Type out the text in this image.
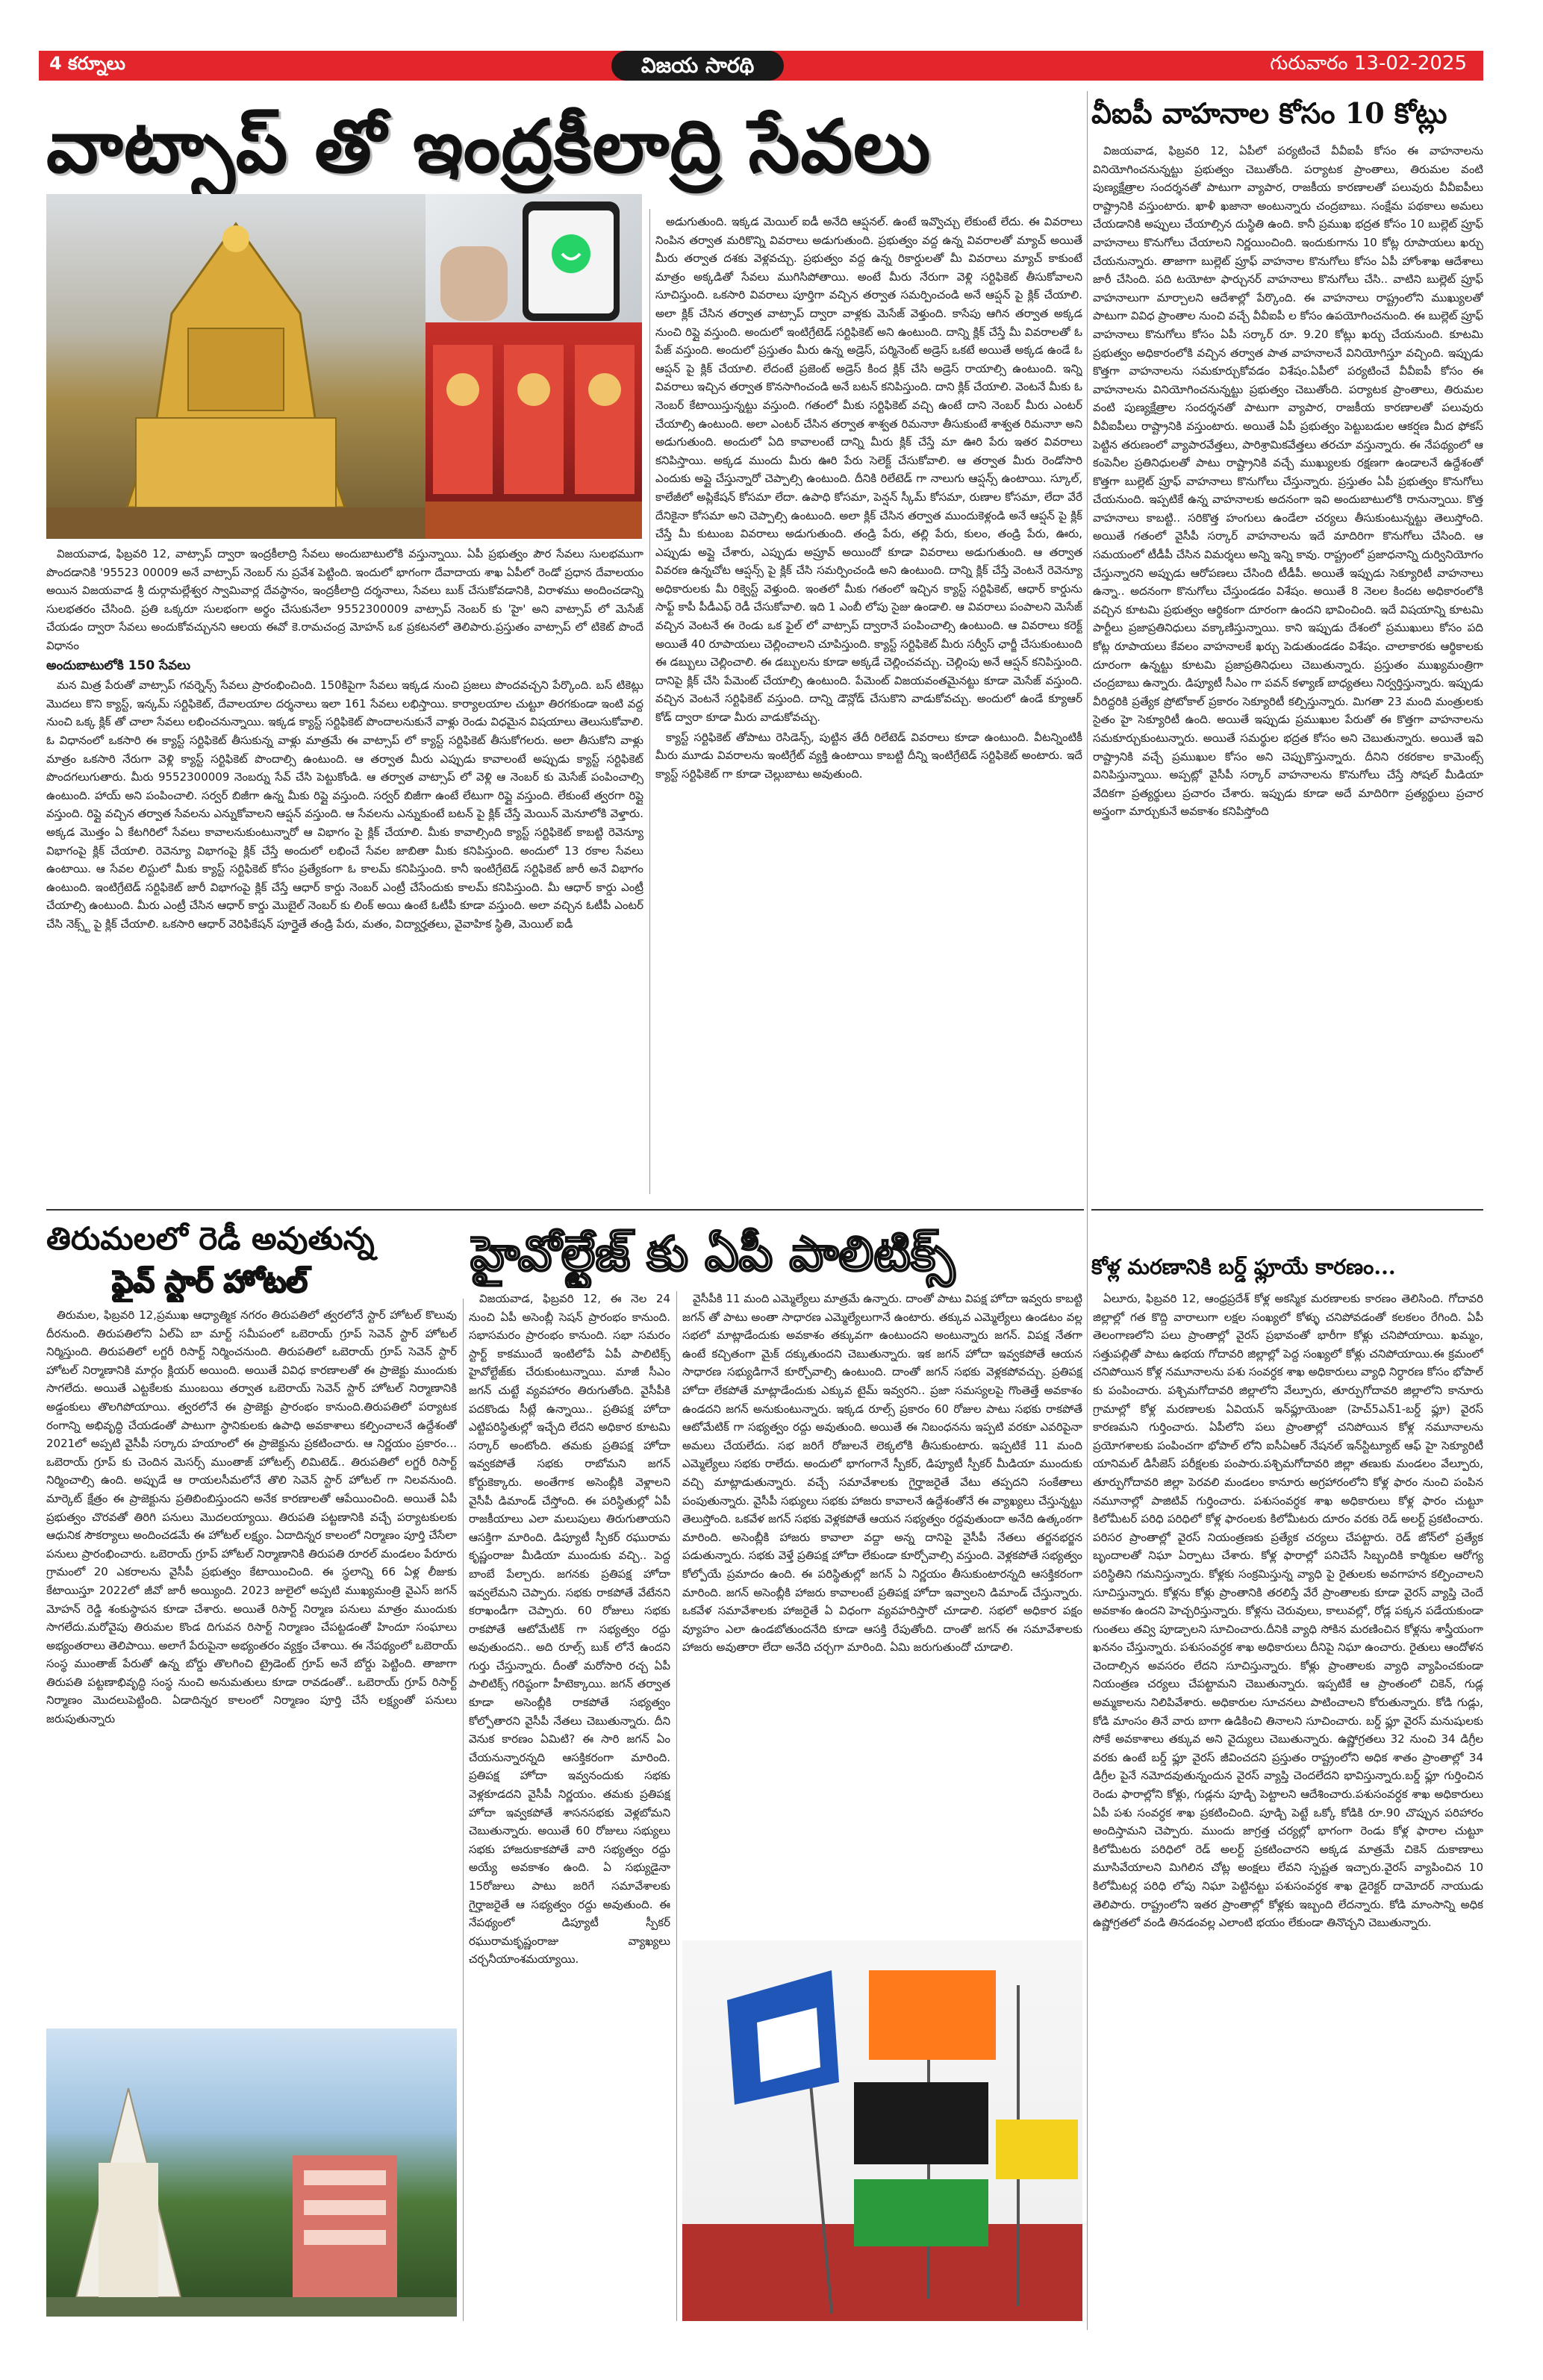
4 కర్నూలు	విజయ సారథి	గురువారం 13-02-2025
వాట్సాప్ తో ఇంద్రకీలాద్రి సేవలు	వీఐపీ వాహనాల కోసం 10 కోట్లు

విజయవాడ, ఫిబ్రవరి 12, వాట్సాప్ ద్వారా ఇంద్రకీలాద్రి సేవలు అందుబాటులోకి వస్తున్నాయి. ఏపీ ప్రభుత్వం పౌర సేవలు సులభముగా పొందడానికి '95523 00009 అనే వాట్సాప్ నెంబర్ ను ప్రవేశ పెట్టింది. ఇందులో భాగంగా దేవాదాయ శాఖ ఏపీలో రెండో ప్రధాన దేవాలయం అయిన విజయవాడ శ్రీ దుర్గామల్లేశ్వర స్వామివార్ల దేవస్థానం, ఇంద్రకీలాద్రి దర్శనాలు, సేవలు బుక్ చేసుకోవడానికి, విరాళము అందించడాన్ని సులభతరం చేసింది. ప్రతి ఒక్కరూ సులభంగా అర్థం చేసుకునేలా 9552300009 వాట్సాప్ నెంబర్ కు 'హై' అని వాట్సాప్ లో మెసేజ్ చేయడం ద్వారా సేవలు అందుకోవచ్చునని ఆలయ ఈవో కె.రామచంద్ర మోహన్ ఒక ప్రకటనలో తెలిపారు.ప్రస్తుతం వాట్సాప్ లో టికెట్ పొందే విధానం

అందుబాటులోకి 150 సేవలు

మన మిత్ర పేరుతో వాట్సాప్ గవర్నెన్స్ సేవలు ప్రారంభించింది. 150కిపైగా సేవలు ఇక్కడ నుంచి ప్రజలు పొందవచ్చని పేర్కొంది. బస్ టికెట్లు మొదలు కొని క్యాస్ట్, ఇన్కమ్ సర్టిఫికెట్, దేవాలయాల దర్శనాలు ఇలా 161 సేవలు లభిస్తాయి. కార్యాలయాల చుట్టూ తిరగకుండా ఇంటి వద్ద నుంచి ఒక్క క్లిక్ తో చాలా సేవలు లభించనున్నాయి. ఇక్కడ క్యాస్ట్ సర్టిఫికెట్ పొందాలనుకునే వాళ్లు రెండు విధమైన విషయాలు తెలుసుకోవాలి. ఓ విధానంలో ఒకసారి ఈ క్యాస్ట్ సర్టిఫికెట్ తీసుకున్న వాళ్లు మాత్రమే ఈ వాట్సాప్ లో క్యాస్ట్ సర్టిఫికెట్ తీసుకోగలరు. అలా తీసుకోని వాళ్లు మాత్రం ఒకసారి నేరుగా వెళ్లి క్యాస్ట్ సర్టిఫికెట్ పొందాల్సి ఉంటుంది. ఆ తర్వాత మీరు ఎప్పుడు కావాలంటే అప్పుడు క్యాస్ట్ సర్టిఫికెట్ పొందగలుగుతారు. మీరు 9552300009 నెంబర్ను సేవ్ చేసి పెట్టుకోండి. ఆ తర్వాత వాట్సాప్ లో వెళ్లి ఆ నెంబర్ కు మెసేజ్ పంపించాల్సి ఉంటుంది. హాయ్ అని పంపించాలి. సర్వర్ బిజీగా ఉన్న మీకు రిప్లై వస్తుంది. సర్వర్ బిజీగా ఉంటే లేటుగా రిప్లై వస్తుంది. లేకుంటే త్వరగా రిప్లై వస్తుంది. రిప్లై వచ్చిన తర్వాత సేవలను ఎన్నుకోవాలని ఆప్షన్ వస్తుంది. ఆ సేవలను ఎన్నుకుంటే బటన్ పై క్లిక్ చేస్తే మెయిన్ మెనూలోకి వెళ్తారు. అక్కడ మొత్తం ఏ కేటగిరిలో సేవలు కావాలనుకుంటున్నారో ఆ విభాగం పై క్లిక్ చేయాలి. మీకు కావాల్సింది క్యాస్ట్ సర్టిఫికెట్ కాబట్టి రెవెన్యూ విభాగంపై క్లిక్ చేయాలి. రెవెన్యూ విభాగంపై క్లిక్ చేస్తే అందులో లభించే సేవల జాబితా మీకు కనిపిస్తుంది. అందులో 13 రకాల సేవలు ఉంటాయి. ఆ సేవల లిస్టులో మీకు క్యాస్ట్ సర్టిఫికెట్ కోసం ప్రత్యేకంగా ఓ కాలమ్ కనిపిస్తుంది. కానీ ఇంటిగ్రేటెడ్ సర్టిఫికెట్ జారీ అనే విభాగం ఉంటుంది. ఇంటిగ్రేటెడ్ సర్టిఫికెట్ జారీ విభాగంపై క్లిక్ చేస్తే ఆధార్ కార్డు నెంబర్ ఎంట్రీ చేసేందుకు కాలమ్ కనిపిస్తుంది. మీ ఆధార్ కార్డు ఎంట్రీ చేయాల్సి ఉంటుంది. మీరు ఎంట్రీ చేసిన ఆధార్ కార్డు మొబైల్ నెంబర్ కు లింక్ అయి ఉంటే ఓటీపీ కూడా వస్తుంది. అలా వచ్చిన ఓటీపీ ఎంటర్ చేసి నెక్స్ట్ పై క్లిక్ చేయాలి. ఒకసారి ఆధార్ వెరిఫికేషన్ పూర్తైతే తండ్రి పేరు, మతం, విద్యార్హతలు, వైవాహిక స్థితి, మెయిల్ ఐడీ

అడుగుతుంది. ఇక్కడ మెయిల్ ఐడీ అనేది ఆప్షనల్. ఉంటే ఇవ్వొచ్చు లేకుంటే లేదు. ఈ వివరాలు నింపిన తర్వాత మరికొన్ని వివరాలు అడుగుతుంది. ప్రభుత్వం వద్ద ఉన్న వివరాలతో మ్యాచ్ అయితే మీరు తర్వాత దశకు వెళ్లవచ్చు. ప్రభుత్వం వద్ద ఉన్న రికార్డులతో మీ వివరాలు మ్యాచ్ కాకుంటే మాత్రం అక్కడితో సేవలు ముగిసిపోతాయి. అంటే మీరు నేరుగా వెళ్లి సర్టిఫికెట్ తీసుకోవాలని సూచిస్తుంది. ఒకసారి వివరాలు పూర్తిగా వచ్చిన తర్వాత సమర్పించండి అనే ఆప్షన్ పై క్లిక్ చేయాలి. అలా క్లిక్ చేసిన తర్వాత వాట్సాప్ ద్వారా వాళ్లకు మెసేజ్ వెళ్తుంది. కాసేపు ఆగిన తర్వాత అక్కడ నుంచి రిప్లై వస్తుంది. అందులో ఇంటిగ్రేటెడ్ సర్టిఫికెట్ అని ఉంటుంది. దాన్ని క్లిక్ చేస్తే మీ వివరాలతో ఓ పేజ్ వస్తుంది. అందులో ప్రస్తుతం మీరు ఉన్న అడ్రెస్, పర్మినెంట్ అడ్రెస్ ఒకటే అయితే అక్కడ ఉండే ఓ ఆప్షన్ పై క్లిక్ చేయాలి. లేదంటే ప్రజెంట్ అడ్రెస్ కింద క్లిక్ చేసి అడ్రెస్ రాయాల్సి ఉంటుంది. ఇన్ని వివరాలు ఇచ్చిన తర్వాత కొనసాగించండి అనే బటన్ కనిపిస్తుంది. దాని క్లిక్ చేయాలి. వెంటనే మీకు ఓ నెంబర్ కేటాయిస్తున్నట్టు వస్తుంది. గతంలో మీకు సర్టిఫికెట్ వచ్చి ఉంటే దాని నెంబర్ మీరు ఎంటర్ చేయాల్సి ఉంటుంది. అలా ఎంటర్ చేసిన తర్వాత శాశ్వత రిమనాూ తీసుకుంటే శాశ్వత రిమనాూ అని అడుగుతుంది. అందులో ఏది కావాలంటే దాన్ని మీరు క్లిక్ చేస్తే మా ఊరి పేరు ఇతర వివరాలు కనిపిస్తాయి. అక్కడ ముందు మీరు ఊరి పేరు సెలెక్ట్ చేసుకోవాలి. ఆ తర్వాత మీరు రెండోసారి ఎందుకు అప్లై చేస్తున్నారో చెప్పాల్సి ఉంటుంది. దీనికి రిలేటెడ్ గా నాలుగు ఆప్షన్స్ ఉంటాయి. స్కూల్, కాలేజీలో అప్లికేషన్ కోసమా లేదా. ఉపాధి కోసమా, పెన్షన్ స్కీమ్ కోసమా, రుణాల కోసమా, లేదా వేరే దేనికైనా కోసమా అని చెప్పాల్సి ఉంటుంది. అలా క్లిక్ చేసిన తర్వాత ముందుకెళ్లండి అనే ఆప్షన్ పై క్లిక్ చేస్తే మీ కుటుంబ వివరాలు అడుగుతుంది. తండ్రి పేరు, తల్లి పేరు, కులం, తండ్రి పేరు, ఊరు, ఎప్పుడు అప్లై చేశారు, ఎప్పుడు అప్రూవ్ అయిందో కూడా వివరాలు అడుగుతుంది. ఆ తర్వాత వివరణ ఉన్నచోట ఆప్షన్స్ పై క్లిక్ చేసి సమర్పించండి అని ఉంటుంది. దాన్ని క్లిక్ చేస్తే వెంటనే రెవెన్యూ అధికారులకు మీ రిక్వెస్ట్ వెళ్తుంది. ఇంతలో మీకు గతంలో ఇచ్చిన క్యాస్ట్ సర్టిఫికెట్, ఆధార్ కార్డును సాఫ్ట్ కాపీ పీడీఎఫ్ రెడీ చేసుకోవాలి. ఇది 1 ఎంబీ లోపు సైజు ఉండాలి. ఆ వివరాలు పంపాలని మెసేజ్ వచ్చిన వెంటనే ఈ రెండు ఒక ఫైల్ లో వాట్సాప్ ద్వారానే పంపించాల్సి ఉంటుంది. ఆ వివరాలు కరెక్ట్ అయితే 40 రూపాయలు చెల్లించాలని చూపిస్తుంది. క్యాస్ట్ సర్టిఫికెట్ మీరు సర్వీస్ ఛార్జీ చేసుకుంటుంది ఈ డబ్బులు చెల్లించాలి. ఈ డబ్బులను కూడా అక్కడే చెల్లించవచ్చు. చెల్లింపు అనే ఆప్షన్ కనిపిస్తుంది. దానిపై క్లిక్ చేసి పేమెంట్ చేయాల్సి ఉంటుంది. పేమెంట్ విజయవంతమైనట్టు కూడా మెసేజ్ వస్తుంది. వచ్చిన వెంటనే సర్టిఫికెట్ వస్తుంది. దాన్ని డౌన్లోడ్ చేసుకొని వాడుకోవచ్చు. అందులో ఉండే క్యూఆర్ కోడ్ ద్వారా కూడా మీరు వాడుకోవచ్చు.

క్యాస్ట్ సర్టిఫికెట్ తోపాటు రెసిడెన్స్, పుట్టిన తేదీ రిలేటెడ్ వివరాలు కూడా ఉంటుంది. వీటన్నింటికీ మీరు మూడు వివరాలను ఇంటిగ్రేట్ వ్యక్తి ఉంటాయి కాబట్టి దీన్ని ఇంటిగ్రేటెడ్ సర్టిఫికెట్ అంటారు. ఇదే క్యాస్ట్ సర్టిఫికెట్ గా కూడా చెల్లుబాటు అవుతుంది.

విజయవాడ, ఫిబ్రవరి 12, ఏపీలో పర్యటించే వీవీఐపీ కోసం ఈ వాహనాలను వినియోగించనున్నట్టు ప్రభుత్వం చెబుతోంది. పర్యాటక ప్రాంతాలు, తిరుమల వంటి పుణ్యక్షేత్రాల సందర్శనతో పాటుగా వ్యాపార, రాజకీయ కారణాలతో పలువురు వీవీఐపీలు రాష్ట్రానికి వస్తుంటారు. ఖాళీ ఖజానా అంటున్నారు చంద్రబాబు. సంక్షేమ పథకాలు అమలు చేయడానికి అప్పులు చేయాల్సిన దుస్థితి ఉంది. కానీ ప్రముఖ భద్రత కోసం 10 బుల్లెట్ ప్రూఫ్ వాహనాలు కొనుగోలు చేయాలని నిర్ణయించింది. ఇందుకుగాను 10 కోట్ల రూపాయలు ఖర్చు చేయనున్నారు. తాజాగా బుల్లెట్ ప్రూఫ్ వాహనాల కొనుగోలు కోసం ఏపీ హోంశాఖ ఆదేశాలు జారీ చేసింది. పది టయోటా ఫార్చునర్ వాహనాలు కొనుగోలు చేసి.. వాటిని బుల్లెట్ ప్రూఫ్ వాహనాలుగా మార్చాలని ఆదేశాల్లో పేర్కొంది. ఈ వాహనాలు రాష్ట్రంలోని ముఖ్యులతో పాటుగా వివిధ ప్రాంతాల నుంచి వచ్చే వీవీఐపీ ల కోసం ఉపయోగించనుంది. ఈ బుల్లెట్ ప్రూఫ్ వాహనాలు కొనుగోలు కోసం ఏపీ సర్కార్ రూ. 9.20 కోట్లు ఖర్చు చేయనుంది. కూటమి ప్రభుత్వం అధికారంలోకి వచ్చిన తర్వాత పాత వాహనాలనే వినియోగిస్తూ వచ్చింది. ఇప్పుడు కొత్తగా వాహనాలను సమకూర్చుకోవడం విశేషం.ఏపీలో పర్యటించే వీవీఐపీ కోసం ఈ వాహనాలను వినియోగించనున్నట్టు ప్రభుత్వం చెబుతోంది. పర్యాటక ప్రాంతాలు, తిరుమల వంటి పుణ్యక్షేత్రాల సందర్శనతో పాటుగా వ్యాపార, రాజకీయ కారణాలతో పలువురు వీవీఐపీలు రాష్ట్రానికి వస్తుంటారు. అయితే ఏపీ ప్రభుత్వం పెట్టుబడుల ఆకర్షణ మీద ఫోకస్ పెట్టిన తరుణంలో వ్యాపారవేత్తలు, పారిశ్రామికవేత్తలు తరచూ వస్తున్నారు. ఈ నేపథ్యంలో ఆ కంపెనీల ప్రతినిధులతో పాటు రాష్ట్రానికి వచ్చే ముఖ్యులకు రక్షణగా ఉండాలనే ఉద్దేశంతో కొత్తగా బుల్లెట్ ప్రూఫ్ వాహనాలు కొనుగోలు చేస్తున్నారు. ప్రస్తుతం ఏపీ ప్రభుత్వం కొనుగోలు చేయనుంది. ఇప్పటికే ఉన్న వాహనాలకు అదనంగా ఇవి అందుబాటులోకి రానున్నాయి. కొత్త వాహనాలు కాబట్టి.. సరికొత్త హంగులు ఉండేలా చర్యలు తీసుకుంటున్నట్టు తెలుస్తోంది. అయితే గతంలో వైసీపీ సర్కార్ వాహనాలను ఇదే మాదిరిగా కొనుగోలు చేసింది. ఆ సమయంలో టీడీపీ చేసిన విమర్శలు అన్ని ఇన్ని కావు. రాష్ట్రంలో ప్రజాధనాన్ని దుర్వినియోగం చేస్తున్నారని అప్పుడు ఆరోపణలు చేసింది టీడీపీ. అయితే ఇప్పుడు సెక్యూరిటీ వాహనాలు ఉన్నా.. అదనంగా కొనుగోలు చేస్తుండడం విశేషం. అయితే 8 నెలల కిందట అధికారంలోకి వచ్చిన కూటమి ప్రభుత్వం ఆర్థికంగా దూరంగా ఉందని భావించింది. ఇదే విషయాన్ని కూటమి పార్టీలు ప్రజాప్రతినిధులు వక్కాణిస్తున్నాయి. కాని ఇప్పుడు దేశంలో ప్రముఖులు కోసం పది కోట్ల రూపాయలు కేవలం వాహనాలకే ఖర్చు పెడుతుండడం విశేషం. చాలాకారకు ఆర్థికాలకు దూరంగా ఉన్నట్టు కూటమి ప్రజాప్రతినిధులు చెబుతున్నారు. ప్రస్తుతం ముఖ్యమంత్రిగా చంద్రబాబు ఉన్నారు. డిప్యూటీ సీఎం గా పవన్ కళ్యాణ్ బాధ్యతలు నిర్వర్తిస్తున్నారు. ఇప్పుడు వీరిద్దరికి ప్రత్యేక ప్రోటోకాల్ ప్రకారం సెక్యూరిటీ కల్పిస్తున్నారు. మిగతా 23 మంది మంత్రులకు సైతం హై సెక్యూరిటీ ఉంది. అయితే ఇప్పుడు ప్రముఖుల పేరుతో ఈ కొత్తగా వాహనాలను సమకూర్చుకుంటున్నారు. అయితే సమర్థుల భద్రత కోసం అని చెబుతున్నారు. అయితే ఇవి రాష్ట్రానికి వచ్చే ప్రముఖుల కోసం అని చెప్పుకొస్తున్నారు. దీనిని రకరకాల కామెంట్స్ వినిపిస్తున్నాయి. అప్పట్లో వైసీపీ సర్కార్ వాహనాలను కొనుగోలు చేస్తే సోషల్ మీడియా వేదికగా ప్రత్యర్థులు ప్రచారం చేశారు. ఇప్పుడు కూడా అదే మాదిరిగా ప్రత్యర్థులు ప్రచార అస్త్రంగా మార్చుకునే అవకాశం కనిపిస్తోంది

తిరుమలలో రెడీ అవుతున్న
ఫైవ్ స్టార్ హోటల్	హైవోల్టేజ్ కు ఏపీ పాలిటిక్స్	కోళ్ల మరణానికి బర్డ్ ఫ్లూయే కారణం...

తిరుమల, ఫిబ్రవరి 12,ప్రముఖ ఆధ్యాత్మిక నగరం తిరుపతిలో త్వరలోనే స్టార్ హోటల్ కొలువు దీరనుంది. తిరుపతిలోని ఏల్ఏ బా మార్ట్ సమీపంలో ఒబెరాయ్ గ్రూప్ సెవెన్ స్టార్ హోటల్ నిర్మిస్తుంది. తిరుపతిలో లగ్జరీ రిసార్ట్ నిర్మించనుంది. తిరుపతిలో ఒబెరాయ్ గ్రూప్ సెవెన్ స్టార్ హోటల్ నిర్మాణానికి మార్గం క్లియర్ అయింది. అయితే వివిధ కారణాలతో ఈ ప్రాజెక్టు ముందుకు సాగలేదు. అయితే ఎట్టకేలకు ముంబయి తర్వాత ఒబెరాయ్ సెవెన్ స్టార్ హోటల్ నిర్మాణానికి అడ్డంకులు తొలగిపోయాయి. త్వరలోనే ఈ ప్రాజెక్టు ప్రారంభం కానుంది.తిరుపతిలో పర్యాటక రంగాన్ని అభివృద్ధి చేయడంతో పాటుగా స్థానికులకు ఉపాధి అవకాశాలు కల్పించాలనే ఉద్దేశంతో 2021లో అప్పటి వైసీపీ సర్కారు హయాంలో ఈ ప్రాజెక్టును ప్రకటించారు. ఆ నిర్ణయం ప్రకారం... ఒబెరాయ్ గ్రూప్ కు చెందిన మెసర్స్ ముంతాజ్ హోటల్స్ లిమిటెడ్.. తిరుపతిలో లగ్జరీ రిసార్ట్ నిర్మించాల్సి ఉంది. అప్పుడే ఆ రాయలసీమలోనే తొలి సెవెన్ స్టార్ హోటల్ గా నిలవనుంది. మార్కెట్ క్షేత్రం ఈ ప్రాజెక్టును ప్రతిబింబిస్తుందని అనేక కారణాలతో ఆపేయించింది. అయితే ఏపీ ప్రభుత్వం చొరవతో తిరిగి పనులు మొదలయ్యాయి. తిరుపతి పట్టణానికి వచ్చే పర్యాటకులకు ఆధునిక సౌకర్యాలు అందించడమే ఈ హోటల్ లక్ష్యం. ఏదాదిన్నర కాలంలో నిర్మాణం పూర్తి చేసేలా పనులు ప్రారంభించారు. ఒబెరాయ్ గ్రూప్ హోటల్ నిర్మాణానికి తిరుపతి రూరల్ మండలం పేరూరు గ్రామంలో 20 ఎకరాలను వైసీపీ ప్రభుత్వం కేటాయించింది. ఈ స్థలాన్ని 66 ఏళ్ల లీజుకు కేటాయిస్తూ 2022లో జీవో జారీ అయ్యింది. 2023 జులైలో అప్పటి ముఖ్యమంత్రి వైఎస్ జగన్ మోహన్ రెడ్డి శంకుస్థాపన కూడా చేశారు. అయితే రిసార్ట్ నిర్మాణ పనులు మాత్రం ముందుకు సాగలేదు.మరోవైపు తిరుమల కొండ దిగువన రిసార్ట్ నిర్మాణం చేపట్టడంతో హిందూ సంఘాలు అభ్యంతరాలు తెలిపాయి. అలాగే పేరుపైనా అభ్యంతరం వ్యక్తం చేశాయి. ఈ నేపథ్యంలో ఒబెరాయ్ సంస్థ ముంతాజ్ పేరుతో ఉన్న బోర్డు తొలగించి ట్రైడెంట్ గ్రూప్ అనే బోర్డు పెట్టింది. తాజాగా తిరుపతి పట్టణాభివృద్ధి సంస్థ నుంచి అనుమతులు కూడా రావడంతో.. ఒబెరాయ్ గ్రూప్ రిసార్ట్ నిర్మాణం మొదలుపెట్టింది. ఏడాదిన్నర కాలంలో నిర్మాణం పూర్తి చేసే లక్ష్యంతో పనులు జరుపుతున్నారు

విజయవాడ, ఫిబ్రవరి 12, ఈ నెల 24 నుంచి ఏపీ అసెంబ్లీ సెషన్ ప్రారంభం కానుంది. సభాసమరం ప్రారంభం కానుంది. సభా సమరం స్టార్ట్ కాకముందే ఇంటిలోపే ఏపీ పాలిటిక్స్ హైవోల్టేజ్‌కు చేరుకుంటున్నాయి. మాజీ సీఎం జగన్ చుట్టే వ్యవహారం తిరుగుతోంది. వైసీపీకి పదకొండు సీట్లే ఉన్నాయి.. ప్రతిపక్ష హోదా ఎట్టిపరిస్థితుల్లో ఇచ్చేది లేదని అధికార కూటమి సర్కార్ అంటోంది. తమకు ప్రతిపక్ష హోదా ఇవ్వకపోతే సభకు రాబోమని జగన్ కోర్టుకెక్కారు. అంతేగాక అసెంబ్లీకి వెళ్లాలని వైసీపీ డిమాండ్ చేస్తోంది. ఈ పరిస్థితుల్లో ఏపీ రాజకీయాలు ఎలా మలుపులు తిరుగుతాయని ఆసక్తిగా మారింది. డిప్యూటీ స్పీకర్ రఘురామ కృష్ణంరాజు మీడియా ముందుకు వచ్చి.. పెద్ద బాంబే పేల్చారు. జగనకు ప్రతిపక్ష హోదా ఇవ్వలేమని చెప్పారు. సభకు రాకపోతే వేటేనని కరాఖండీగా చెప్పారు. 60 రోజులు సభకు రాకపోతే ఆటోమేటిక్ గా సభ్యత్వం రద్దు అవుతుందని.. అది రూల్స్ బుక్ లోనే ఉందని గుర్తు చేస్తున్నారు. దీంతో మరోసారి రచ్చ ఏపీ పాలిటిక్స్ గరిష్ఠంగా హీటెక్కాయి. జగన్ తర్వాత కూడా అసెంబ్లీకి రాకపోతే సభ్యత్వం కోల్పోతారని వైసీపీ నేతలు చెబుతున్నారు. దీని వెనుక కారణం ఏమిటి? ఈ సారి జగన్ ఏం చేయనున్నారన్నది ఆసక్తికరంగా మారింది. ప్రతిపక్ష హోదా ఇవ్వనందుకు సభకు వెళ్లకూడదని వైసీపీ నిర్ణయం. తమకు ప్రతిపక్ష హోదా ఇవ్వకపోతే శాసనసభకు వెళ్లబోమని చెబుతున్నారు. అయితే 60 రోజులు సభ్యులు సభకు హాజరుకాకపోతే వారి సభ్యత్వం రద్దు అయ్యే అవకాశం ఉంది. ఏ సభ్యుడైనా 15రోజులు పాటు జరిగే సమావేశాలకు గైర్హాజరైతే ఆ సభ్యత్వం రద్దు అవుతుంది. ఈ నేపథ్యంలో డిప్యూటీ స్పీకర్ రఘురామకృష్ణంరాజు వ్యాఖ్యలు చర్చనీయాంశమయ్యాయి.

వైసీపీకి 11 మంది ఎమ్మెల్యేలు మాత్రమే ఉన్నారు. దాంతో పాటు విపక్ష హోదా ఇవ్వరు కాబట్టి జగన్ తో పాటు అంతా సాధారణ ఎమ్మెల్యేలుగానే ఉంటారు. తక్కువ ఎమ్మెల్యేలు ఉండటం వల్ల సభలో మాట్లాడేందుకు అవకాశం తక్కువగా ఉంటుందని అంటున్నారు జగన్. విపక్ష నేతగా ఉంటే కచ్చితంగా మైక్ దక్కుతుందని చెబుతున్నారు. ఇక జగన్ హోదా ఇవ్వకపోతే ఆయన సాధారణ సభ్యుడిగానే కూర్చోవాల్సి ఉంటుంది. దాంతో జగన్ సభకు వెళ్లకపోవచ్చు. ప్రతిపక్ష హోదా లేకపోతే మాట్లాడేందుకు ఎక్కువ టైమ్ ఇవ్వరని.. ప్రజా సమస్యలపై గొంతెత్తే అవకాశం ఉండదని జగన్ అనుకుంటున్నారు. ఇక్కడ రూల్స్ ప్రకారం 60 రోజుల పాటు సభకు రాకపోతే ఆటోమేటిక్ గా సభ్యత్వం రద్దు అవుతుంది. అయితే ఈ నిబంధనను ఇప్పటి వరకూ ఎవరిపైనా అమలు చేయలేదు. సభ జరిగే రోజులనే లెక్కలోకి తీసుకుంటారు. ఇప్పటికే 11 మంది ఎమ్మెల్యేలు సభకు రాలేదు. అందులో భాగంగానే స్పీకర్, డిప్యూటీ స్పీకర్ మీడియా ముందుకు వచ్చి మాట్లాడుతున్నారు. వచ్చే సమావేశాలకు గైర్హాజరైతే వేటు తప్పదని సంకేతాలు పంపుతున్నారు. వైసీపీ సభ్యులు సభకు హాజరు కావాలనే ఉద్దేశంతోనే ఈ వ్యాఖ్యలు చేస్తున్నట్టు తెలుస్తోంది. ఒకవేళ జగన్ సభకు వెళ్లకపోతే ఆయన సభ్యత్వం రద్దవుతుందా అనేది ఉత్కంఠగా మారింది. అసెంబ్లీకి హాజరు కావాలా వద్దా అన్న దానిపై వైసీపీ నేతలు తర్జనభర్జన పడుతున్నారు. సభకు వెళ్తే ప్రతిపక్ష హోదా లేకుండా కూర్చోవాల్సి వస్తుంది. వెళ్లకపోతే సభ్యత్వం కోల్పోయే ప్రమాదం ఉంది. ఈ పరిస్థితుల్లో జగన్ ఏ నిర్ణయం తీసుకుంటారన్నది ఆసక్తికరంగా మారింది. జగన్ అసెంబ్లీకి హాజరు కావాలంటే ప్రతిపక్ష హోదా ఇవ్వాలని డిమాండ్ చేస్తున్నారు. ఒకవేళ సమావేశాలకు హాజరైతే ఏ విధంగా వ్యవహరిస్తారో చూడాలి. సభలో అధికార పక్షం వ్యూహం ఎలా ఉండబోతుందనేది కూడా ఆసక్తి రేపుతోంది. దాంతో జగన్ ఈ సమావేశాలకు హాజరు అవుతారా లేదా అనేది చర్చగా మారింది. ఏమి జరుగుతుందో చూడాలి.

ఏలూరు, ఫిబ్రవరి 12, ఆంధ్రప్రదేశ్ కోళ్ల అకస్మిక మరణాలకు కారణం తెలిసింది. గోదావరి జిల్లాల్లో గత కొద్ది వారాలుగా లక్షల సంఖ్యలో కోళ్ళు చనిపోవడంతో కలకలం రేగింది. ఏపీ తెలంగాణలోని పలు ప్రాంతాల్లో వైరస్ ప్రభావంతో భారీగా కోళ్లు చనిపోయాయి. ఖమ్మం, సత్తుపల్లితో పాటు ఉభయ గోదావరి జిల్లాల్లో పెద్ద సంఖ్యలో కోళ్లు చనిపోయాయి.ఈ క్రమంలో చనిపోయిన కోళ్ల నమూనాలను పశు సంవర్ధక శాఖ అధికారులు వ్యాధి నిర్ధారణ కోసం భోపాల్ కు పంపించారు. పశ్చిమగోదావరి జిల్లాలోని వేల్పూరు, తూర్పుగోదావరి జిల్లాలోని కానూరు గ్రామాల్లో కోళ్ల మరణాలకు ఏవియన్ ఇన్‌ఫ్లూయెంజా (హెచ్5ఎన్1-బర్డ్ ఫ్లూ) వైరస్ కారణమని గుర్తించారు. ఏపీలోని పలు ప్రాంతాల్లో చనిపోయిన కోళ్ల నమూనాలను ప్రయోగశాలకు పంపించగా భోపాల్ లోని ఐసీఏఆర్ నేషనల్ ఇన్‌స్టిట్యూట్ ఆఫ్ హై సెక్యూరిటీ యానిమల్ డిసీజెస్ పరీక్షలకు పంపారు.పశ్చిమగోదావరి జిల్లా తణుకు మండలం వేల్పూరు, తూర్పుగోదావరి జిల్లా పెరవలి మండలం కానూరు అగ్రహారంలోని కోళ్ల ఫారం నుంచి పంపిన నమూనాల్లో పాజిటివ్ గుర్తించారు. పశుసంవర్ధక శాఖ అధికారులు కోళ్ల ఫారం చుట్టూ కిలోమీటర్ పరిధి పరిధిలో కోళ్ల ఫారంలకు కిలోమీటరు దూరం వరకు రెడ్ అలర్ట్ ప్రకటించారు. పరిసర ప్రాంతాల్లో వైరస్ నియంత్రణకు ప్రత్యేక చర్యలు చేపట్టారు. రెడ్ జోన్‌లో ప్రత్యేక బృందాలతో నిఘా ఏర్పాటు చేశారు. కోళ్ల ఫారాల్లో పనిచేసే సిబ్బందికి కార్మికుల ఆరోగ్య పరిస్థితిని గమనిస్తున్నారు. కోళ్లకు సంక్రమిస్తున్న వ్యాధి పై రైతులకు అవగాహన కల్పించాలని సూచిస్తున్నారు. కోళ్లను కోళ్లు ప్రాంతానికి తరలిస్తే వేరే ప్రాంతాలకు కూడా వైరస్ వ్యాప్తి చెందే అవకాశం ఉందని హెచ్చరిస్తున్నారు. కోళ్లను చెరువులు, కాలువల్లో, రోడ్ల పక్కన పడేయకుండా గుంతలు తవ్వి పూడ్చాలని సూచించారు.దీనికి వ్యాధి సోకిన మరణించిన కోళ్లను శాస్త్రీయంగా ఖననం చేస్తున్నారు. పశుసంవర్ధక శాఖ అధికారులు దీనిపై నిఘా ఉంచారు. రైతులు ఆందోళన చెందాల్సిన అవసరం లేదని సూచిస్తున్నారు. కోళ్లు ప్రాంతాలకు వ్యాధి వ్యాపించకుండా నియంత్రణ చర్యలు చేపట్టామని చెబుతున్నారు. ఇప్పటికే ఆ ప్రాంతంలో చికెన్, గుడ్ల అమ్మకాలను నిలిపివేశారు. అధికారుల సూచనలు పాటించాలని కోరుతున్నారు. కోడి గుడ్లు, కోడి మాంసం తినే వారు బాగా ఉడికించి తినాలని సూచించారు. బర్డ్ ఫ్లూ వైరస్ మనుషులకు సోకే అవకాశాలు తక్కువ అని వైద్యులు చెబుతున్నారు. ఉష్ణోగ్రతలు 32 నుంచి 34 డిగ్రీల వరకు ఉంటే బర్డ్ ఫ్లూ వైరస్ జీవించదని ప్రస్తుతం రాష్ట్రంలోని అధిక శాతం ప్రాంతాల్లో 34 డిగ్రీల పైనే నమోదవుతున్నందున వైరస్ వ్యాప్తి చెందలేదని భావిస్తున్నారు.బర్డ్ ఫ్లూ గుర్తించిన రెండు ఫారాల్లోని కోళ్లు, గుడ్లను పూడ్చి పెట్టాలని ఆదేశించారు.పశుసంవర్ధక శాఖ అధికారులు ఏపీ పశు సంవర్ధక శాఖ ప్రకటించింది. పూడ్చి పెట్టే ఒక్కో కోడికి రూ.90 చొప్పున పరిహారం అందిస్తామని చెప్పారు. ముందు జాగ్రత్త చర్యల్లో భాగంగా రెండు కోళ్ల ఫారాల చుట్టూ కిలోమీటరు పరిధిలో రెడ్ అలర్ట్ ప్రకటించారని అక్కడ మాత్రమే చికెన్ దుకాణాలు మూసివేయాలని మిగిలిన చోట్ల అంక్షలు లేవని స్పష్టత ఇచ్చారు.వైరస్ వ్యాపించిన 10 కిలోమీటర్ల పరిధి లోపు నిఘా పెట్టినట్టు పశుసంవర్ధక శాఖ డైరెక్టర్ దామోదర్ నాయుడు తెలిపారు. రాష్ట్రంలోని ఇతర ప్రాంతాల్లో కోళ్లకు ఇబ్బంది లేదన్నారు. కోడి మాంసాన్ని అధిక ఉష్ణోగ్రతలో వండి తినడంవల్ల ఎలాంటి భయం లేకుండా తినొచ్చని చెబుతున్నారు.
